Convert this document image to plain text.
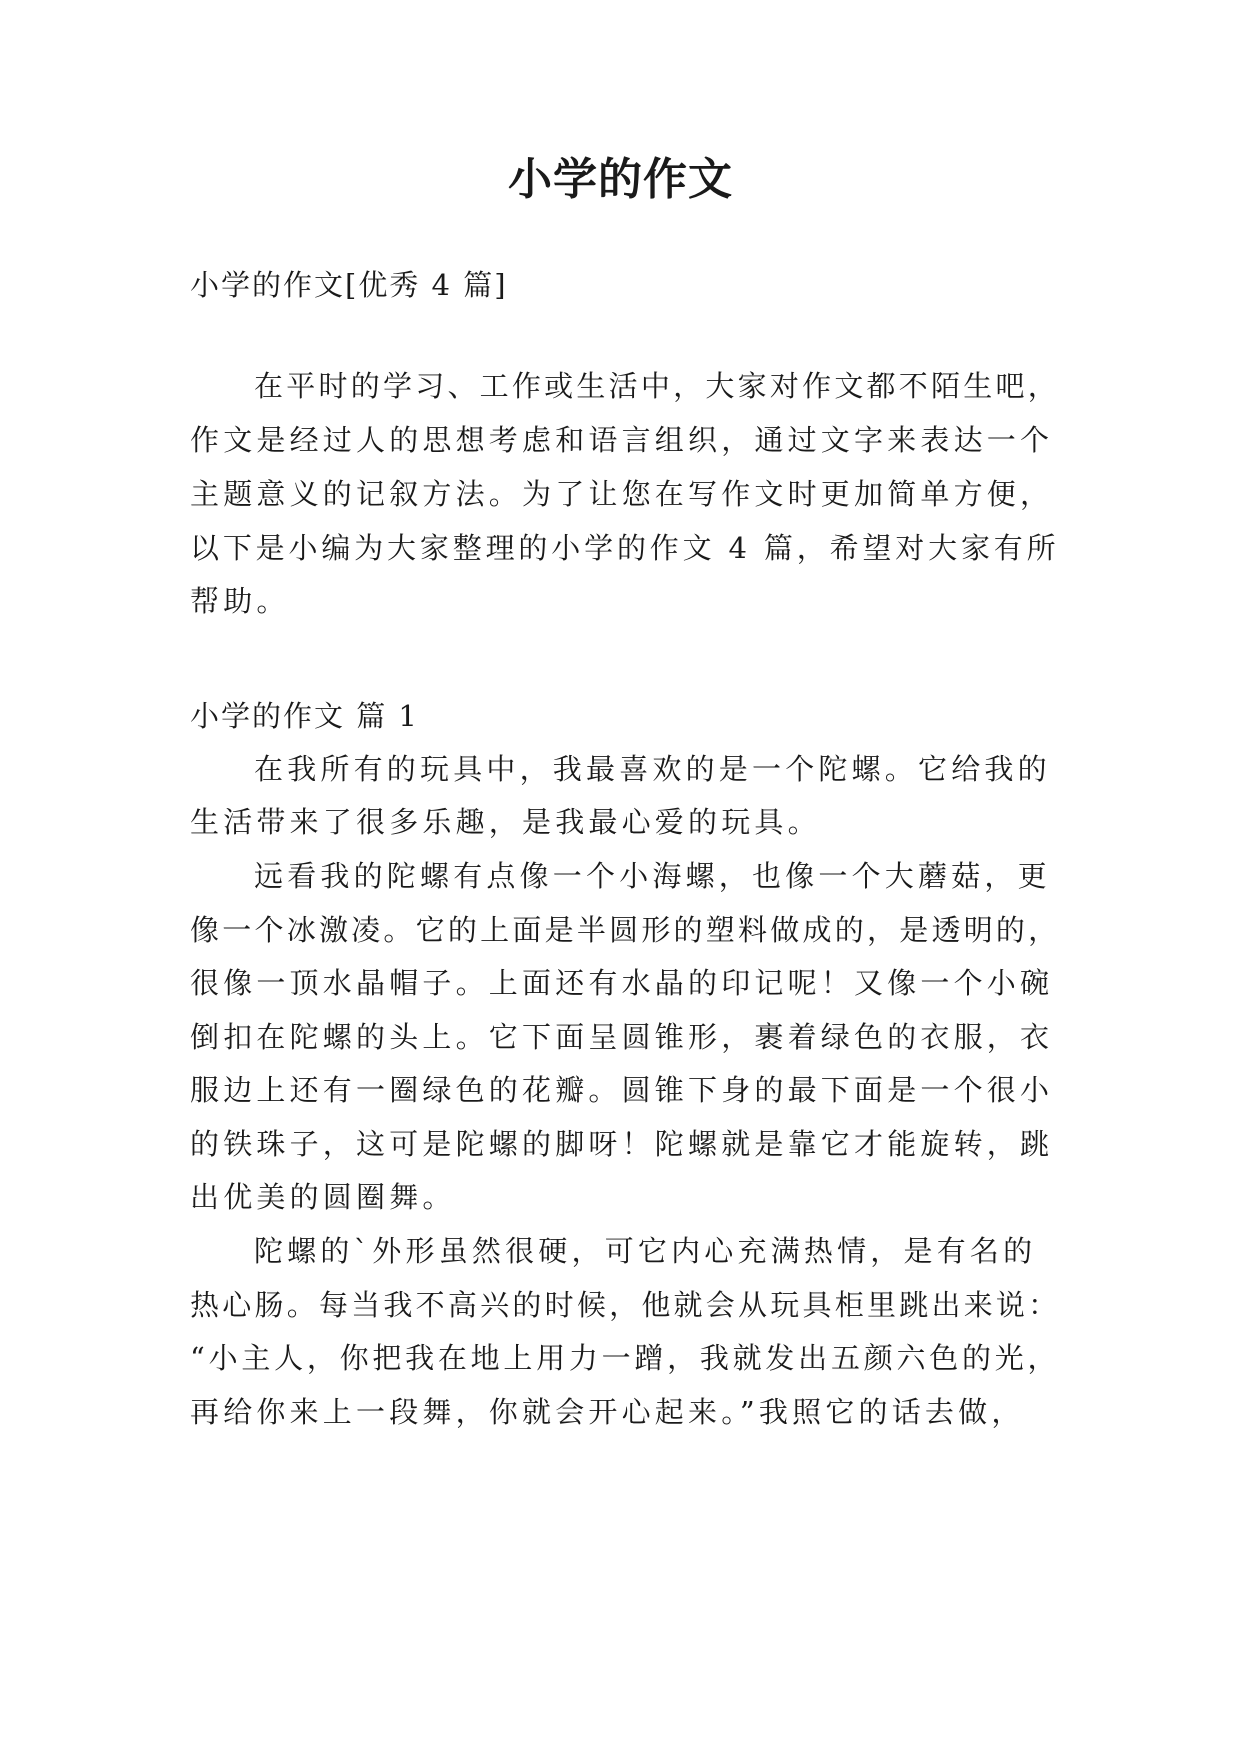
小学的作文
小学的作文[优秀 4 篇]
在平时的学习、工作或生活中，大家对作文都不陌生吧，
作文是经过人的思想考虑和语言组织，通过文字来表达一个
主题意义的记叙方法。为了让您在写作文时更加简单方便，
以下是小编为大家整理的小学的作文 4 篇，希望对大家有所
帮助。
小学的作文 篇 1
在我所有的玩具中，我最喜欢的是一个陀螺。它给我的
生活带来了很多乐趣，是我最心爱的玩具。
远看我的陀螺有点像一个小海螺，也像一个大蘑菇，更
像一个冰激凌。它的上面是半圆形的塑料做成的，是透明的，
很像一顶水晶帽子。上面还有水晶的印记呢！又像一个小碗
倒扣在陀螺的头上。它下面呈圆锥形，裹着绿色的衣服，衣
服边上还有一圈绿色的花瓣。圆锥下身的最下面是一个很小
的铁珠子，这可是陀螺的脚呀！陀螺就是靠它才能旋转，跳
出优美的圆圈舞。
陀螺的`外形虽然很硬，可它内心充满热情，是有名的
热心肠。每当我不高兴的时候，他就会从玩具柜里跳出来说：
“小主人，你把我在地上用力一蹭，我就发出五颜六色的光，
再给你来上一段舞，你就会开心起来。”我照它的话去做，
